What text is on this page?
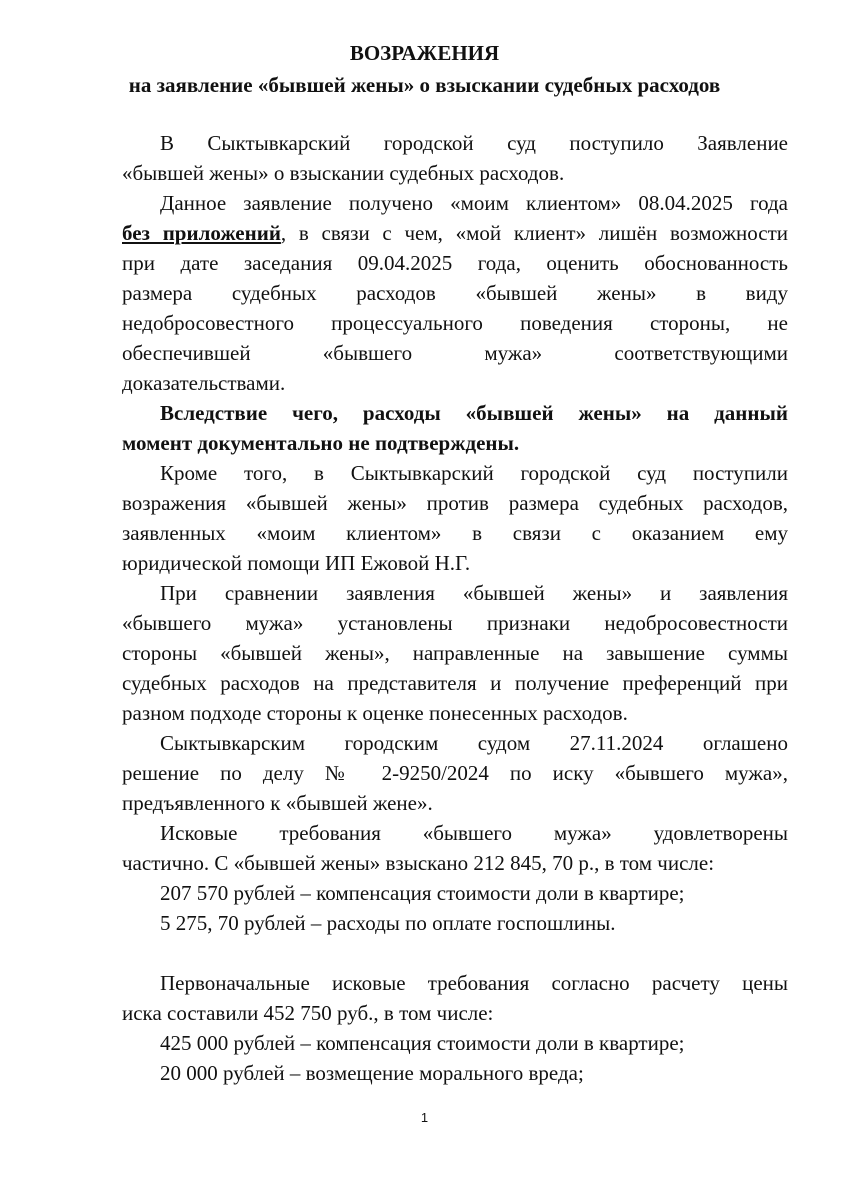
ВОЗРАЖЕНИЯ
на заявление «бывшей жены» о взыскании судебных расходов
В Сыктывкарский городской суд поступило Заявление
«бывшей жены» о взыскании судебных расходов.
Данное заявление получено «моим клиентом» 08.04.2025 года
без приложений, в связи с чем, «мой клиент» лишён возможности
при дате заседания 09.04.2025 года, оценить обоснованность
размера судебных расходов «бывшей жены» в виду
недобросовестного процессуального поведения стороны, не
обеспечившей «бывшего мужа» соответствующими
доказательствами.
Вследствие чего, расходы «бывшей жены» на данный
момент документально не подтверждены.
Кроме того, в Сыктывкарский городской суд поступили
возражения «бывшей жены» против размера судебных расходов,
заявленных «моим клиентом» в связи с оказанием ему
юридической помощи ИП Ежовой Н.Г.
При сравнении заявления «бывшей жены» и заявления
«бывшего мужа» установлены признаки недобросовестности
стороны «бывшей жены», направленные на завышение суммы
судебных расходов на представителя и получение преференций при
разном подходе стороны к оценке понесенных расходов.
Сыктывкарским городским судом 27.11.2024 оглашено
решение по делу № 2-9250/2024 по иску «бывшего мужа»,
предъявленного к «бывшей жене».
Исковые требования «бывшего мужа» удовлетворены
частично. С «бывшей жены» взыскано 212 845, 70 р., в том числе:
207 570 рублей – компенсация стоимости доли в квартире;
5 275, 70 рублей – расходы по оплате госпошлины.
Первоначальные исковые требования согласно расчету цены
иска составили 452 750 руб., в том числе:
425 000 рублей – компенсация стоимости доли в квартире;
20 000 рублей – возмещение морального вреда;
1
